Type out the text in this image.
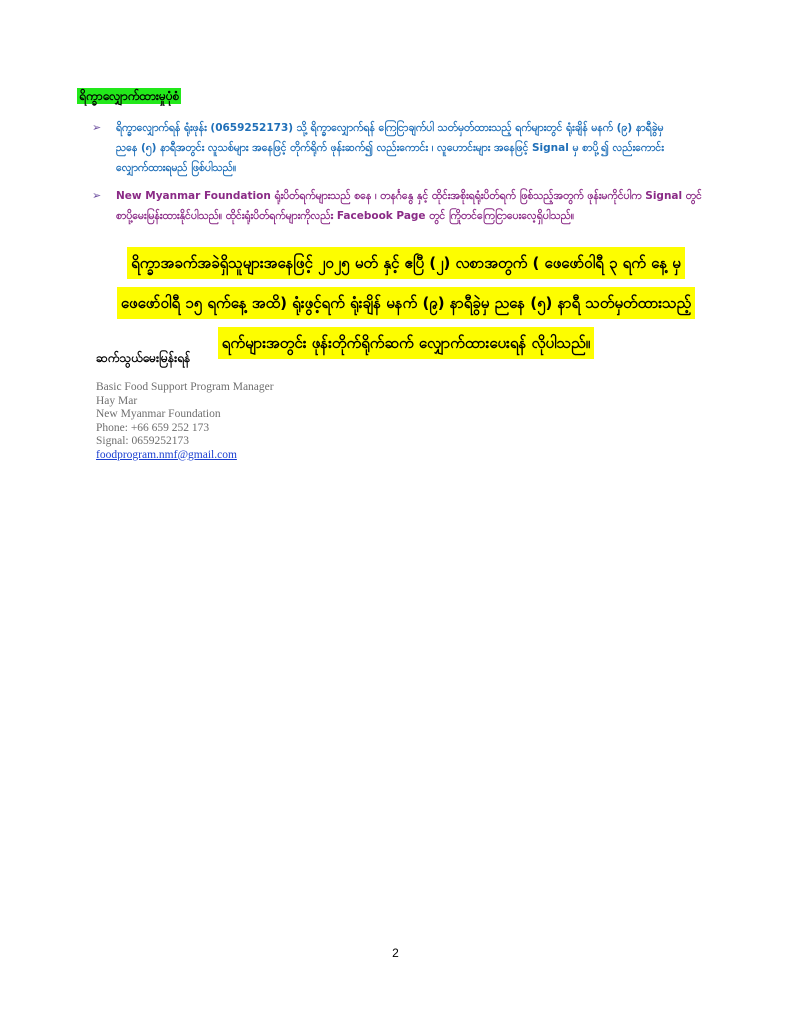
ရိက္ခာလျှောက်ထားမှုပုံစံ
➢ ရိက္ခာလျှောက်ရန် ရုံးဖုန်း (0659252173) သို့ ရိက္ခာလျှောက်ရန် ကြေငြာချက်ပါ သတ်မှတ်ထားသည့် ရက်များတွင် ရုံးချိန် မနက် (၉) နာရီခွဲမှ
ညနေ (၅) နာရီအတွင်း လူသစ်များ အနေဖြင့် တိုက်ရိုက် ဖုန်းဆက်၍ လည်းကောင်း ၊ လူဟောင်းများ အနေဖြင့် Signal မှ စာပို့၍ လည်းကောင်း
လျှောက်ထားရမည် ဖြစ်ပါသည်။
➢ New Myanmar Foundation ရုံးပိတ်ရက်များသည် စနေ ၊ တနင်္ဂနွေ နှင့် ထိုင်းအစိုးရရုံးပိတ်ရက် ဖြစ်သည့်အတွက် ဖုန်းမကိုင်ပါက Signal တွင်
စာပို့မေးမြန်းထားနိုင်ပါသည်။ ထိုင်းရုံးပိတ်ရက်များကိုလည်း Facebook Page တွင် ကြိုတင်ကြေငြာပေးလေ့ရှိပါသည်။
ရိက္ခာအခက်အခဲရှိသူများအနေဖြင့် ၂၀၂၅ မတ် နှင့် ဧပြီ (၂) လစာအတွက် ( ဖေဖော်ဝါရီ ၃ ရက် နေ့ မှ
ဖေဖော်ဝါရီ ၁၅ ရက်နေ့ အထိ) ရုံးဖွင့်ရက် ရုံးချိန် မနက် (၉) နာရီခွဲမှ ညနေ (၅) နာရီ သတ်မှတ်ထားသည့်
ရက်များအတွင်း ဖုန်းတိုက်ရိုက်ဆက် လျှောက်ထားပေးရန် လိုပါသည်။
ဆက်သွယ်မေးမြန်းရန်
Basic Food Support Program Manager
Hay Mar
New Myanmar Foundation
Phone: +66 659 252 173
Signal: 0659252173
foodprogram.nmf@gmail.com
2
